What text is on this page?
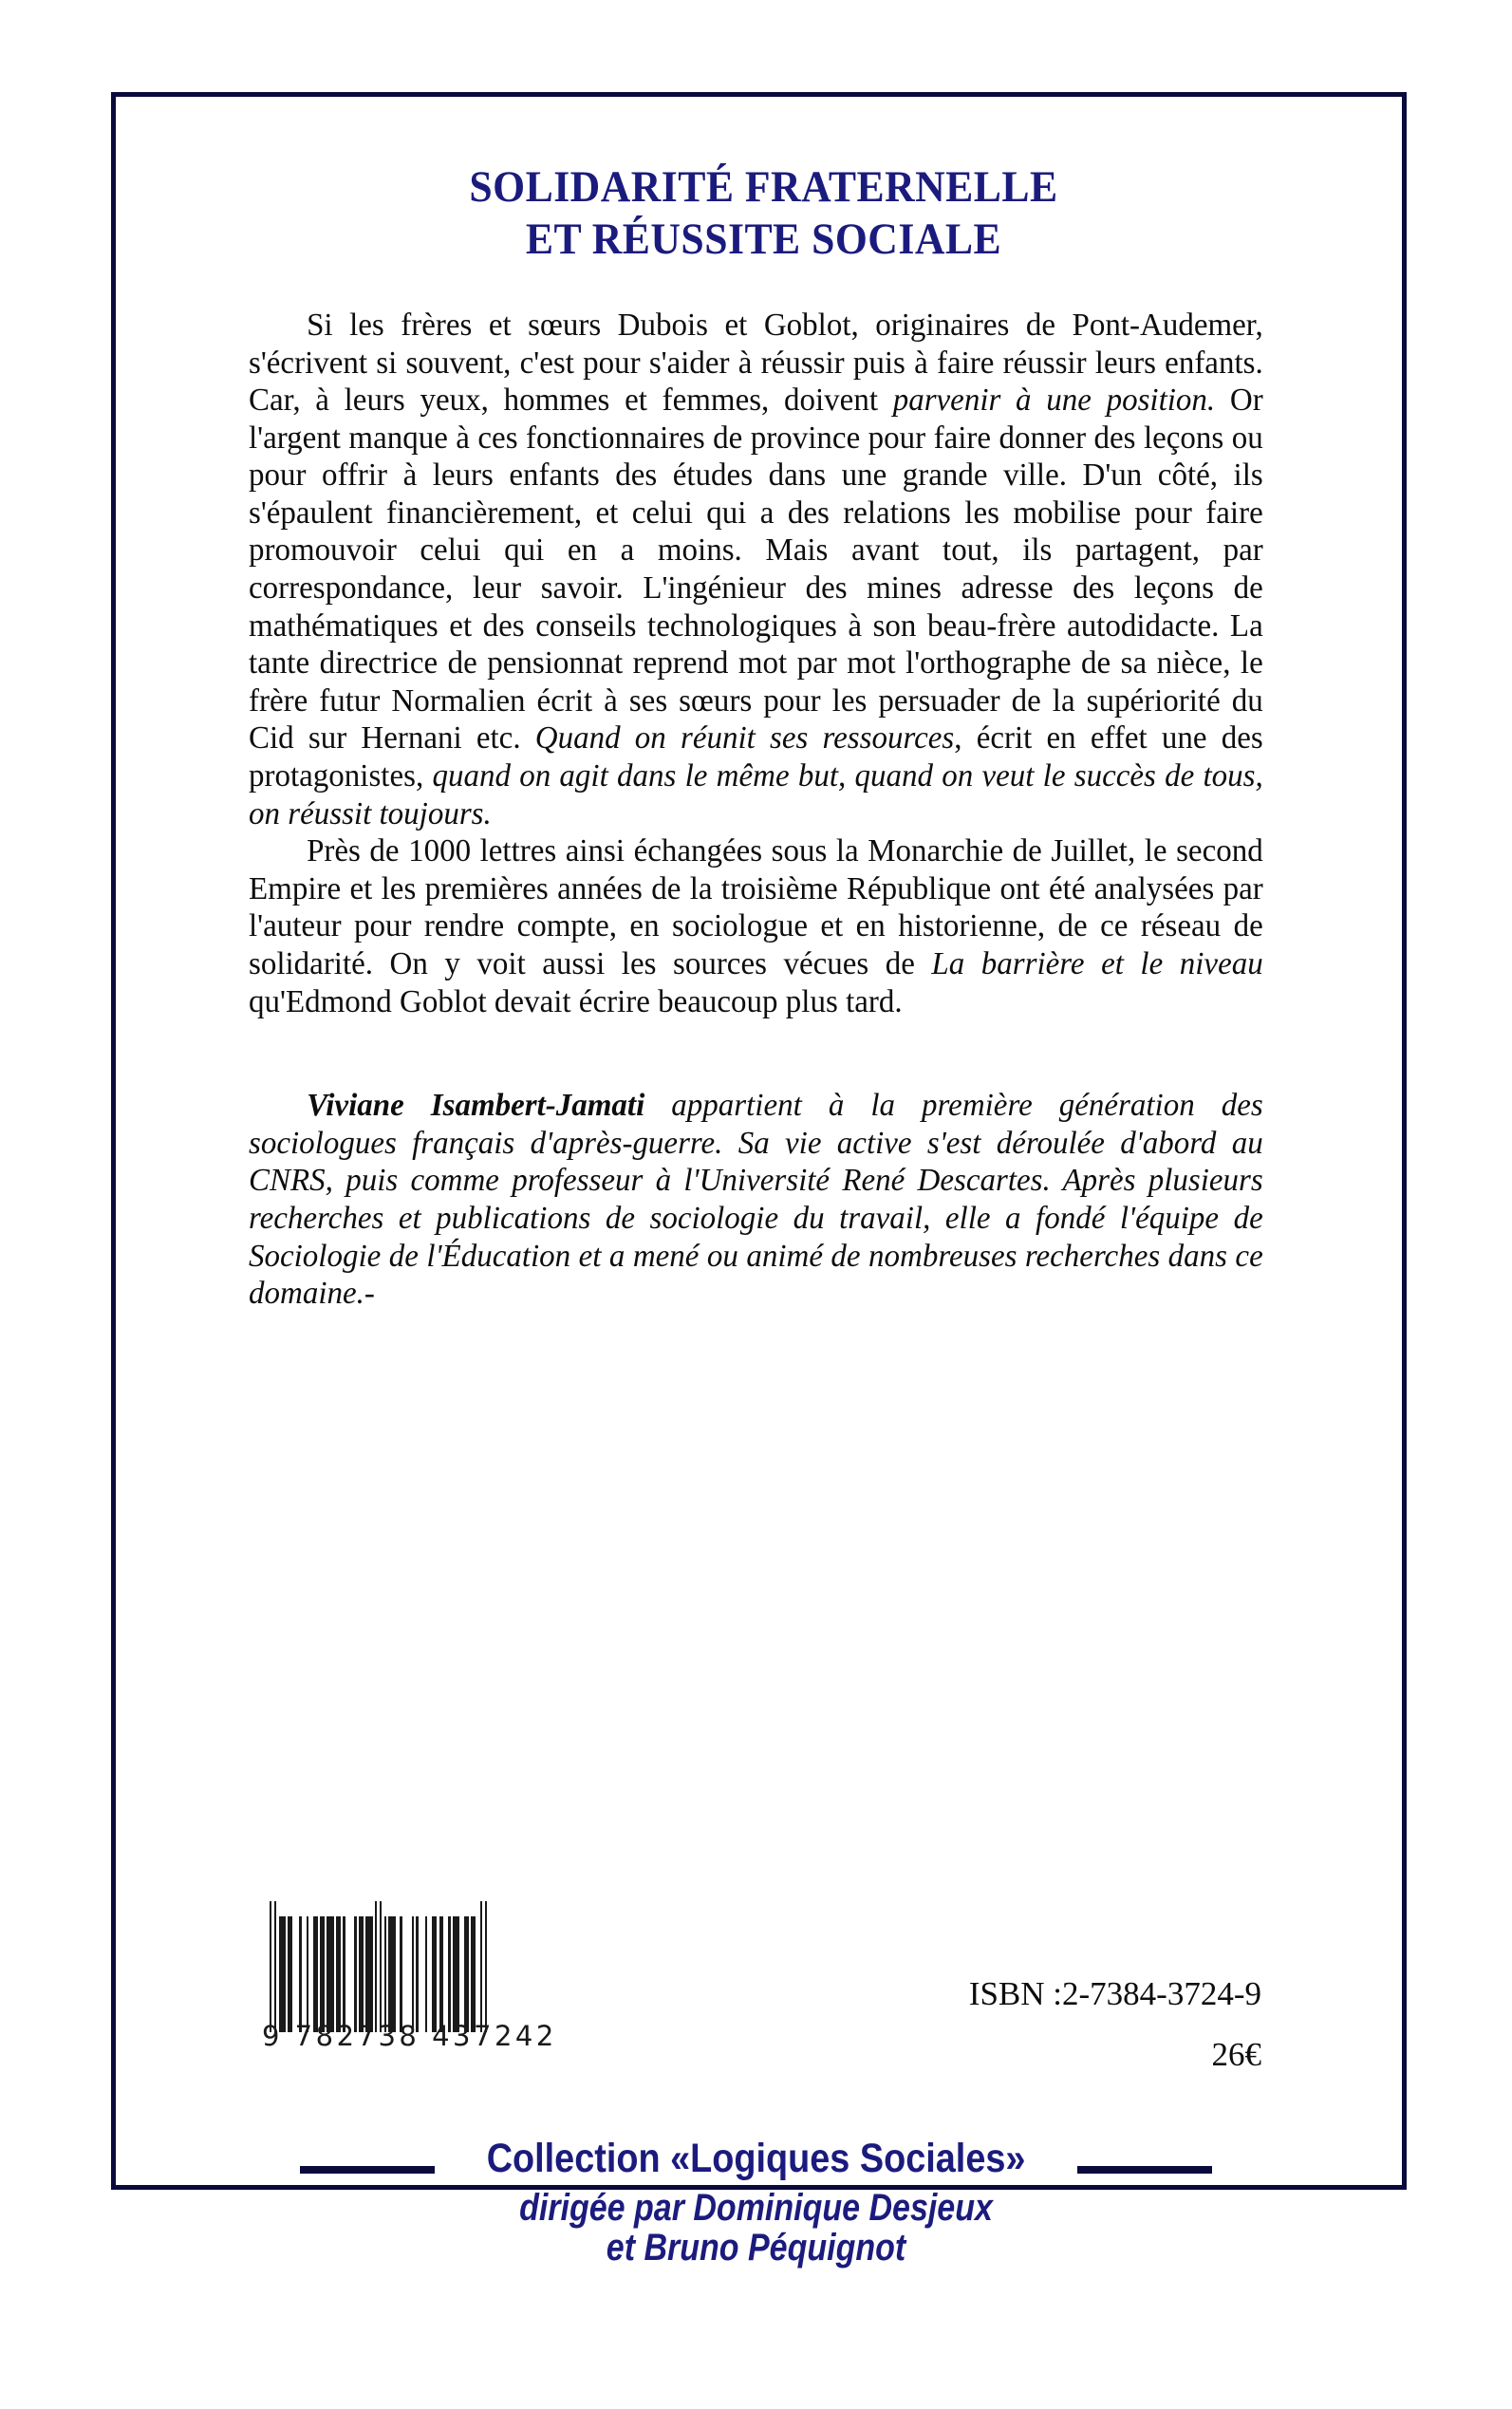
SOLIDARITÉ FRATERNELLE
ET RÉUSSITE SOCIALE

Si les frères et sœurs Dubois et Goblot, originaires de Pont-Audemer, s'écrivent si souvent, c'est pour s'aider à réussir puis à faire réussir leurs enfants. Car, à leurs yeux, hommes et femmes, doivent parvenir à une position. Or l'argent manque à ces fonctionnaires de province pour faire donner des leçons ou pour offrir à leurs enfants des études dans une grande ville. D'un côté, ils s'épaulent financièrement, et celui qui a des relations les mobilise pour faire promouvoir celui qui en a moins. Mais avant tout, ils partagent, par correspondance, leur savoir. L'ingénieur des mines adresse des leçons de mathématiques et des conseils technologiques à son beau-frère autodidacte. La tante directrice de pensionnat reprend mot par mot l'orthographe de sa nièce, le frère futur Normalien écrit à ses sœurs pour les persuader de la supériorité du Cid sur Hernani etc. Quand on réunit ses ressources, écrit en effet une des protagonistes, quand on agit dans le même but, quand on veut le succès de tous, on réussit toujours.

Près de 1000 lettres ainsi échangées sous la Monarchie de Juillet, le second Empire et les premières années de la troisième République ont été analysées par l'auteur pour rendre compte, en sociologue et en historienne, de ce réseau de solidarité. On y voit aussi les sources vécues de La barrière et le niveau qu'Edmond Goblot devait écrire beaucoup plus tard.

Viviane Isambert-Jamati appartient à la première génération des sociologues français d'après-guerre. Sa vie active s'est déroulée d'abord au CNRS, puis comme professeur à l'Université René Descartes. Après plusieurs recherches et publications de sociologie du travail, elle a fondé l'équipe de Sociologie de l'Éducation et a mené ou animé de nombreuses recherches dans ce domaine.-

9 782738 437242
ISBN :2-7384-3724-9
26€
Collection «Logiques Sociales»
dirigée par Dominique Desjeux
et Bruno Péquignot
